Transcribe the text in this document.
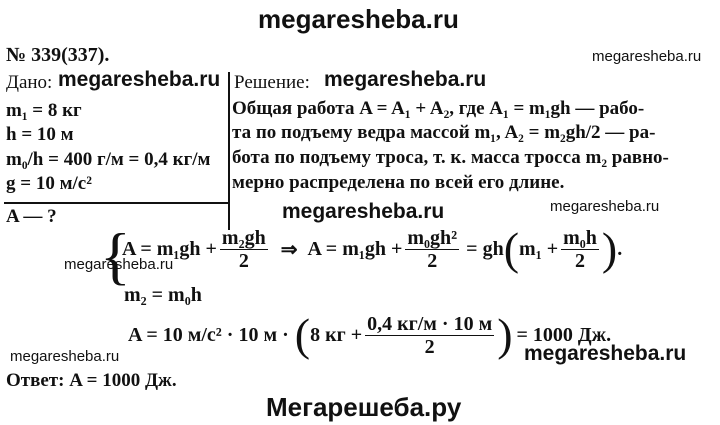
megaresheba.ru
№ 339(337).	megaresheba.ru
Дано: megaresheba.ru
m₁ = 8 кг
h = 10 м
m₀/h = 400 г/м = 0,4 кг/м
g = 10 м/с²
A — ?
Решение: megaresheba.ru
Общая работа A = A₁ + A₂, где A₁ = m₁gh — рабо-
та по подъему ведра массой m₁, A₂ = m₂gh/2 — ра-
бота по подъему троса, т. к. масса тросса m₂ равно-
мерно распределена по всей его длине.
megaresheba.ru	megaresheba.ru
{
megaresheba.ru
$A = m_1gh + \frac{\text{m₂gh}}{2}$ ⇒ $A = m_1gh + \frac{\text{m₀gh²}}{2}$ = gh ( $m_1 + \frac{\text{m₀h}}{2}$ ) .
m₂ = m₀h
A = 10 м/с² · 10 м · ( 8 кг + $\frac{0,4 кг/м \cdot 10 м}{2}$ ) = 1000 Дж.
megaresheba.ru	megaresheba.ru
Ответ: A = 1000 Дж.
Мегарешеба.ру
